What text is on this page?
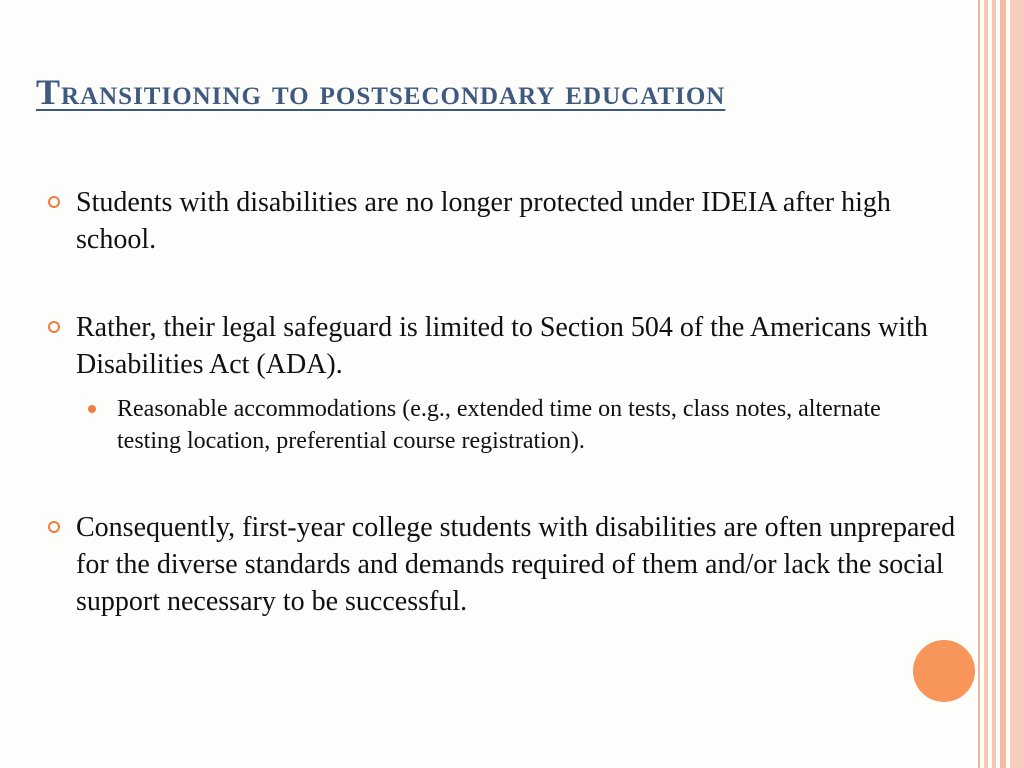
Transitioning to postsecondary education
Students with disabilities are no longer protected under IDEIA after high school.
Rather, their legal safeguard is limited to Section 504 of the Americans with Disabilities Act (ADA).
Reasonable accommodations (e.g., extended time on tests, class notes, alternate testing location, preferential course registration).
Consequently, first-year college students with disabilities are often unprepared for the diverse standards and demands required of them and/or lack the social support necessary to be successful.
